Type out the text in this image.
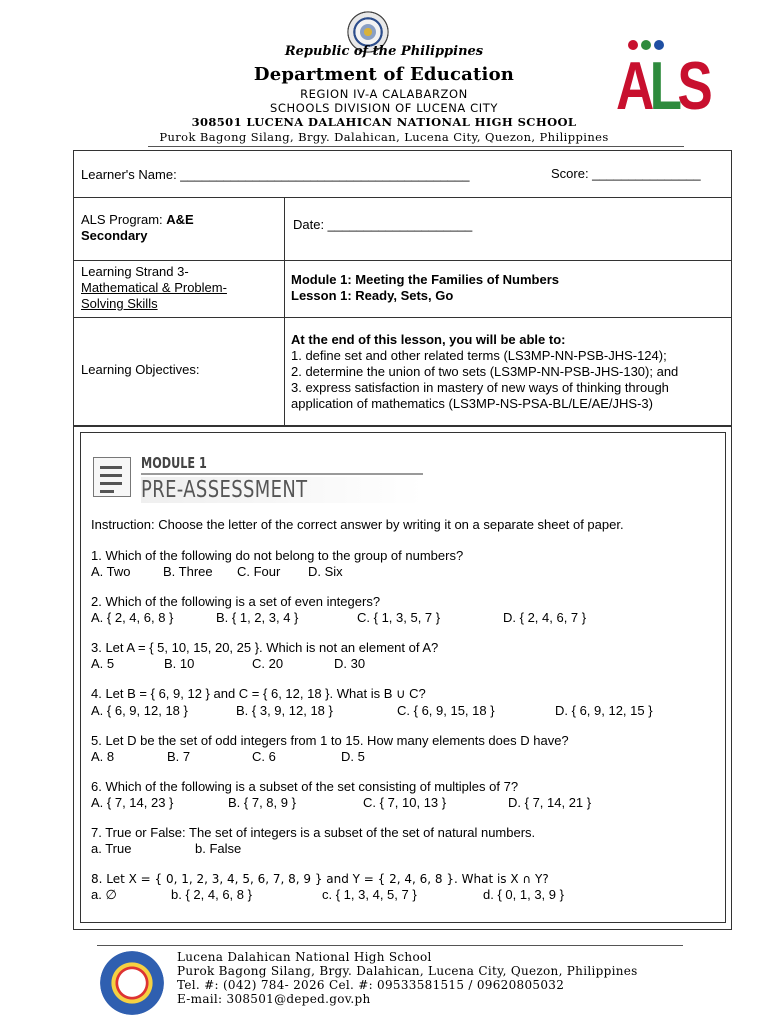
Republic of the Philippines
Department of Education
REGION IV-A CALABARZON
SCHOOLS DIVISION OF LUCENA CITY
308501 LUCENA DALAHICAN NATIONAL HIGH SCHOOL
Purok Bagong Silang, Brgy. Dalahican, Lucena City, Quezon, Philippines
ALS
Learner's Name: ________________________________________	Score: _______________
ALS Program: A&E
Secondary
Date: ____________________
Learning Strand 3-
Mathematical & Problem-
Solving Skills
Module 1: Meeting the Families of Numbers
Lesson 1: Ready, Sets, Go
Learning Objectives:
At the end of this lesson, you will be able to:
1. define set and other related terms (LS3MP-NN-PSB-JHS-124);
2. determine the union of two sets (LS3MP-NN-PSB-JHS-130); and
3. express satisfaction in mastery of new ways of thinking through
application of mathematics (LS3MP-NS-PSA-BL/LE/AE/JHS-3)
MODULE 1
PRE-ASSESSMENT
Instruction: Choose the letter of the correct answer by writing it on a separate sheet of paper.
1. Which of the following do not belong to the group of numbers?
A. Two B. Three C. Four D. Six
2. Which of the following is a set of even integers?
A. { 2, 4, 6, 8 }	B. { 1, 2, 3, 4 }	C. { 1, 3, 5, 7 }	D. { 2, 4, 6, 7 }
3. Let A = { 5, 10, 15, 20, 25 }. Which is not an element of A?
A. 5	B. 10	C. 20	D. 30
4. Let B = { 6, 9, 12 } and C = { 6, 12, 18 }. What is B ∪ C?
A. { 6, 9, 12, 18 }	B. { 3, 9, 12, 18 }	C. { 6, 9, 15, 18 }	D. { 6, 9, 12, 15 }
5. Let D be the set of odd integers from 1 to 15. How many elements does D have?
A. 8	B. 7	C. 6	D. 5
6. Which of the following is a subset of the set consisting of multiples of 7?
A. { 7, 14, 23 }	B. { 7, 8, 9 }	C. { 7, 10, 13 }	D. { 7, 14, 21 }
7. True or False: The set of integers is a subset of the set of natural numbers.
a. True	b. False
8. Let X = { 0, 1, 2, 3, 4, 5, 6, 7, 8, 9 } and Y = { 2, 4, 6, 8 }. What is X ∩ Y?
a. ∅	b. { 2, 4, 6, 8 }	c. { 1, 3, 4, 5, 7 }	d. { 0, 1, 3, 9 }
Lucena Dalahican National High School
Purok Bagong Silang, Brgy. Dalahican, Lucena City, Quezon, Philippines
Tel. #: (042) 784- 2026 Cel. #: 09533581515 / 09620805032
E-mail: 308501@deped.gov.ph
